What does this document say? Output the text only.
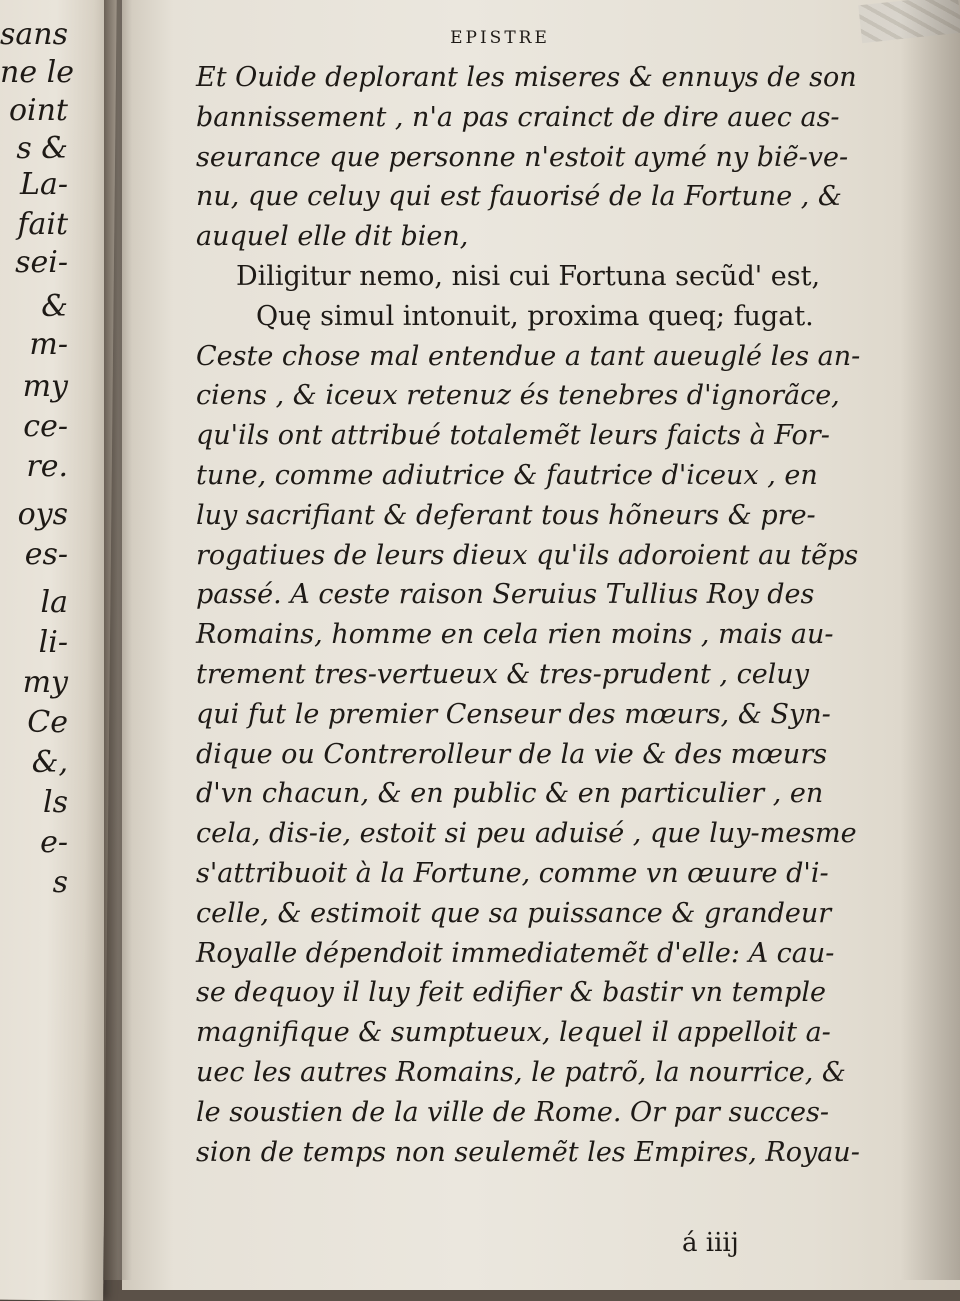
sans
ne le
oint
s &
La-
fait
sei-
&
m-
my
ce-
re.
oys
es-
la
li-
my
Ce
&,
ls
e-
s
EPISTRE
Et Ouide deplorant les miseres & ennuys de son
bannissement , n'a pas crainct de dire auec as-
seurance que personne n'estoit aymé ny biẽ-ve-
nu, que celuy qui est fauorisé de la Fortune , &
auquel elle dit bien,
Diligitur nemo, nisi cui Fortuna secũd' est,
Quę simul intonuit, proxima queq; fugat.
Ceste chose mal entendue a tant aueuglé les an-
ciens , & iceux retenuz és tenebres d'ignorãce,
qu'ils ont attribué totalemẽt leurs faicts à For-
tune, comme adiutrice & fautrice d'iceux , en
luy sacrifiant & deferant tous hõneurs & pre-
rogatiues de leurs dieux qu'ils adoroient au tẽps
passé. A ceste raison Seruius Tullius Roy des
Romains, homme en cela rien moins , mais au-
trement tres-vertueux & tres-prudent , celuy
qui fut le premier Censeur des mœurs, & Syn-
dique ou Contrerolleur de la vie & des mœurs
d'vn chacun, & en public & en particulier , en
cela, dis-ie, estoit si peu aduisé , que luy-mesme
s'attribuoit à la Fortune, comme vn œuure d'i-
celle, & estimoit que sa puissance & grandeur
Royalle dépendoit immediatemẽt d'elle: A cau-
se dequoy il luy feit edifier & bastir vn temple
magnifique & sumptueux, lequel il appelloit a-
uec les autres Romains, le patrõ, la nourrice, &
le soustien de la ville de Rome. Or par succes-
sion de temps non seulemẽt les Empires, Royau-
á iiij
